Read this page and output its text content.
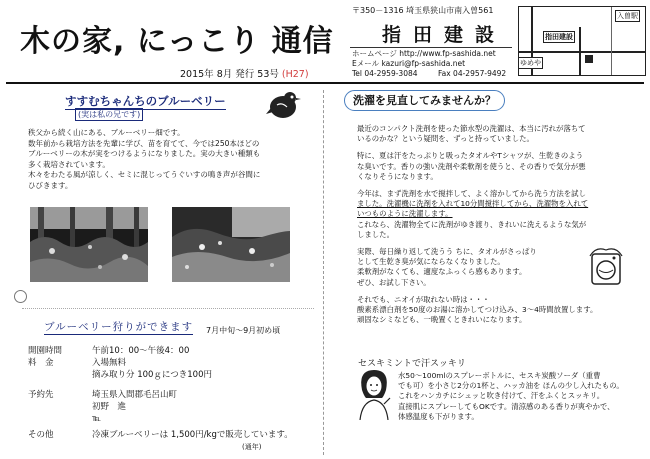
木の家, にっこり 通信
2015年 8月 発行 53号 (H27)
〒350－1316 埼玉県狭山市南入曽561
指田建設
ホームページ http://www.fp-sashida.net
Eメール kazuri@fp-sashida.net
Tel 04-2959-3084	Fax 04-2957-9492
入曽駅
指田建設
ゆめや
すすむちゃんちのブルーベリー
(実は私の兄です)
秩父から続く山にある、ブルーベリー畑です。
数年前から栽培方法を先輩に学び、苗を育てて、今では250本ほどの
ブルーベリーの木が実をつけるようになりました。実の大きい種類も
多く栽培されています。
木々をわたる風が涼しく、セミに混じってうぐいすの鳴き声が谷間に
ひびきます。
ブルーベリー狩りができます 7月中旬～9月初め頃
開園時間	午前10：00～午後4：00
料　金	入場無料
摘み取り分 100ｇにつき100円
予約先	埼玉県入間郡毛呂山町
初野　進
℡
その他	冷凍ブルーベリーは 1,500円/kgで販売しています。
(通年)
洗濯を見直してみませんか？

最近のコンパクト洗剤を使った節水型の洗濯は、本当に汚れが落ちて
いるのかな？という疑問を、ずっと持っていました。

特に、夏は汗をたっぷりと吸ったタオルやTシャツが、生乾きのよう
な臭いです。香りの強い洗剤や柔軟剤を使うと、その香りで気分が悪
くなりそうになります。

今年は、まず洗剤を水で撹拌して、よく溶かしてから洗う方法を試し
ました。洗濯機に洗剤を入れて10分間撹拌してから、洗濯物を入れて
いつものように洗濯します。
これなら、洗濯物全てに洗剤がゆき渡り、きれいに洗えるような気が
しました。

実際、毎日繰り返して洗うう ちに、タオルがさっぱり
として生乾き臭が気にならなくなりました。
柔軟剤がなくても、適度なふっくら感もあります。
ぜひ、お試し下さい。

それでも、ニオイが取れない時は・・・
酸素系漂白剤を50度のお湯に溶かしてつけ込み、3～4時間放置します。
頑固なシミなども、一晩置くときれいになります。

セスキミントで汗スッキリ
水50～100mlのスプレーボトルに、セスキ炭酸ソーダ（重曹
でも可）を小さじ2分の1杯と、ハッカ油を ほんの少し入れたもの。
これをハンカチにシュッと吹き付けて、汗をふくとスッキリ。
直接肌にスプレーしてもOKです。清涼感のある香りが爽やかで、
体感温度も下がります。
